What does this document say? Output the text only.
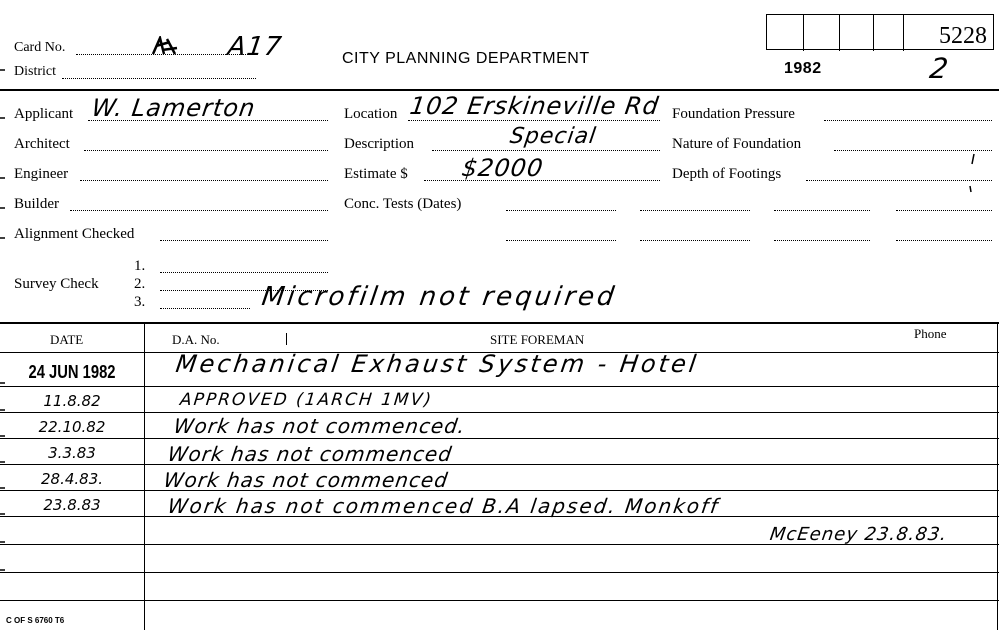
Card No.	A17
District
CITY PLANNING DEPARTMENT
1982	2
5228
Applicant W. Lamerton
Architect
Engineer
Builder
Alignment Checked
Survey Check
1.
2.
3.	Microfilm not required
Location 102 Erskineville Rd
Description	Special
Estimate $ $2000
Conc. Tests (Dates)
Foundation Pressure
Nature of Foundation
Depth of Footings
DATE	D.A. No.	SITE FOREMAN	Phone
24 JUN 1982	Mechanical Exhaust System - Hotel
11.8.82	APPROVED (1ARCH 1MV)
22.10.82	Work has not commenced.
3.3.83	Work has not commenced
28.4.83.	Work has not commenced
23.8.83	Work has not commenced B.A lapsed. Monkoff
McEeney 23.8.83.
C OF S 6760 T6
